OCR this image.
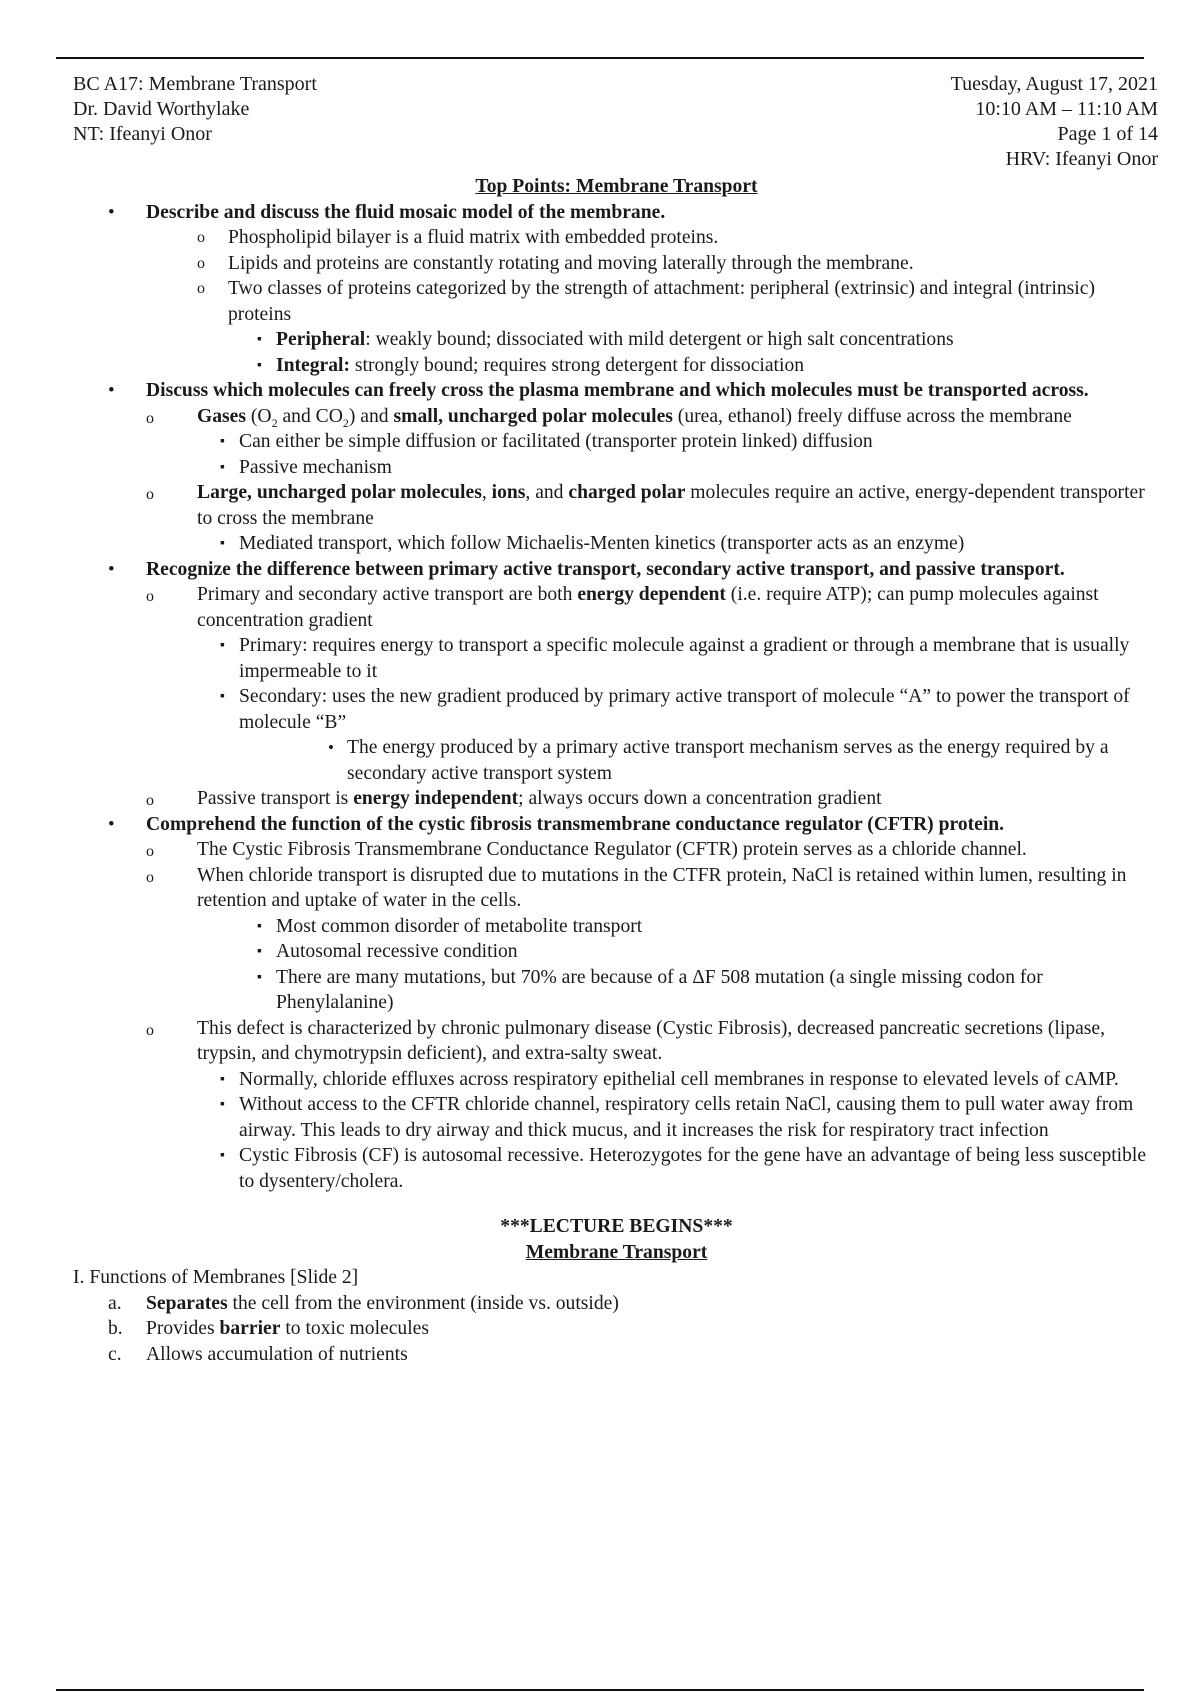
BC A17: Membrane Transport
Dr. David Worthylake
NT: Ifeanyi Onor
Tuesday, August 17, 2021
10:10 AM – 11:10 AM
Page 1 of 14
HRV: Ifeanyi Onor
Top Points: Membrane Transport
• Describe and discuss the fluid mosaic model of the membrane.
o Phospholipid bilayer is a fluid matrix with embedded proteins.
o Lipids and proteins are constantly rotating and moving laterally through the membrane.
o Two classes of proteins categorized by the strength of attachment: peripheral (extrinsic) and integral (intrinsic) proteins
▪ Peripheral: weakly bound; dissociated with mild detergent or high salt concentrations
▪ Integral: strongly bound; requires strong detergent for dissociation
• Discuss which molecules can freely cross the plasma membrane and which molecules must be transported across.
o Gases ($O_2$ and $CO_2$) and small, uncharged polar molecules (urea, ethanol) freely diffuse across the membrane
▪ Can either be simple diffusion or facilitated (transporter protein linked) diffusion
▪ Passive mechanism
o Large, uncharged polar molecules, ions, and charged polar molecules require an active, energy-dependent transporter to cross the membrane
▪ Mediated transport, which follow Michaelis-Menten kinetics (transporter acts as an enzyme)
• Recognize the difference between primary active transport, secondary active transport, and passive transport.
o Primary and secondary active transport are both energy dependent (i.e. require ATP); can pump molecules against concentration gradient
▪ Primary: requires energy to transport a specific molecule against a gradient or through a membrane that is usually impermeable to it
▪ Secondary: uses the new gradient produced by primary active transport of molecule “A” to power the transport of molecule “B”
• The energy produced by a primary active transport mechanism serves as the energy required by a secondary active transport system
o Passive transport is energy independent; always occurs down a concentration gradient
• Comprehend the function of the cystic fibrosis transmembrane conductance regulator (CFTR) protein.
o The Cystic Fibrosis Transmembrane Conductance Regulator (CFTR) protein serves as a chloride channel.
o When chloride transport is disrupted due to mutations in the CTFR protein, NaCl is retained within lumen, resulting in retention and uptake of water in the cells.
▪ Most common disorder of metabolite transport
▪ Autosomal recessive condition
▪ There are many mutations, but 70% are because of a ΔF 508 mutation (a single missing codon for Phenylalanine)
o This defect is characterized by chronic pulmonary disease (Cystic Fibrosis), decreased pancreatic secretions (lipase, trypsin, and chymotrypsin deficient), and extra-salty sweat.
▪ Normally, chloride effluxes across respiratory epithelial cell membranes in response to elevated levels of cAMP.
▪ Without access to the CFTR chloride channel, respiratory cells retain NaCl, causing them to pull water away from airway. This leads to dry airway and thick mucus, and it increases the risk for respiratory tract infection
▪ Cystic Fibrosis (CF) is autosomal recessive. Heterozygotes for the gene have an advantage of being less susceptible to dysentery/cholera.
***LECTURE BEGINS***
Membrane Transport
I. Functions of Membranes [Slide 2]
a. Separates the cell from the environment (inside vs. outside)
b. Provides barrier to toxic molecules
c. Allows accumulation of nutrients
